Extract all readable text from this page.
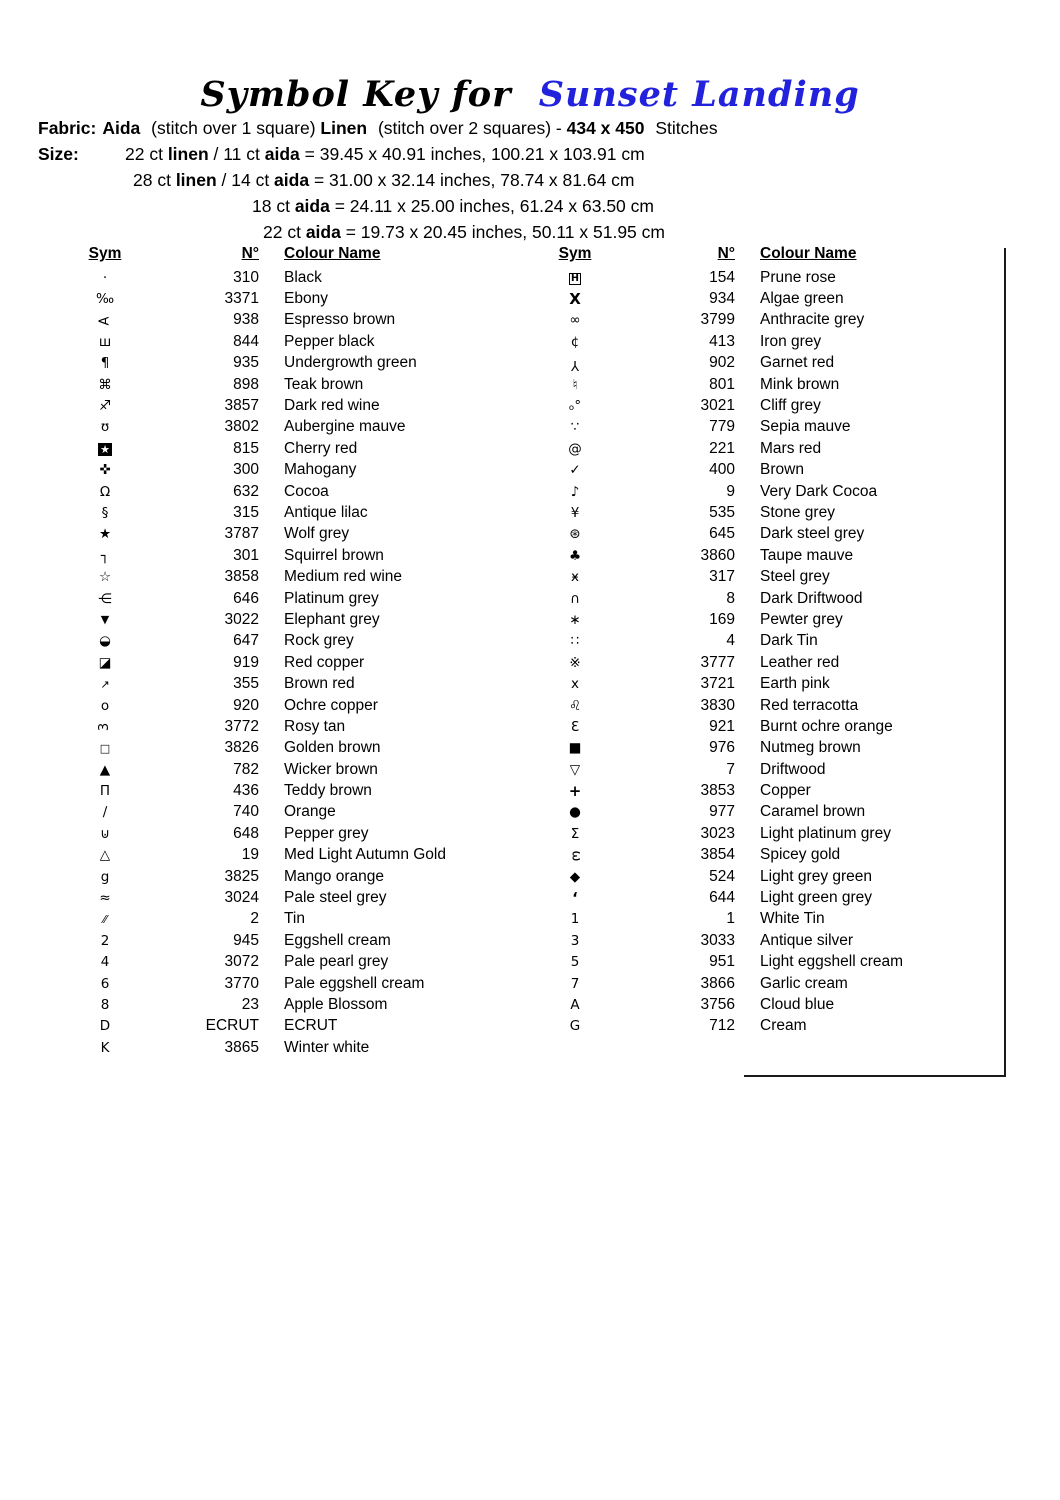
Symbol Key for Sunset Landing
Fabric: Aida (stitch over 1 square) Linen (stitch over 2 squares) - 434 x 450 Stitches
Size:	22 ct linen / 11 ct aida = 39.45 x 40.91 inches, 100.21 x 103.91 cm
28 ct linen / 14 ct aida = 31.00 x 32.14 inches, 78.74 x 81.64 cm
18 ct aida = 24.11 x 25.00 inches, 61.24 x 63.50 cm
22 ct aida = 19.73 x 20.45 inches, 50.11 x 51.95 cm
Sym	N°	Colour Name	Sym	N°	Colour Name
·	310	Black
‰	3371	Ebony
A	938	Espresso brown
ш	844	Pepper black
¶	935	Undergrowth green
⌘	898	Teak brown
♐	3857	Dark red wine
ʊ	3802	Aubergine mauve
★	815	Cherry red
✜	300	Mahogany
Ω	632	Cocoa
§	315	Antique lilac
★	3787	Wolf grey
┐	301	Squirrel brown
☆	3858	Medium red wine
⋲	646	Platinum grey
▼	3022	Elephant grey
◒	647	Rock grey
◪	919	Red copper
↗	355	Brown red
o	920	Ochre copper
3	3772	Rosy tan
□	3826	Golden brown
▲	782	Wicker brown
Π	436	Teddy brown
∕	740	Orange
⊍	648	Pepper grey
△	19	Med Light Autumn Gold
g	3825	Mango orange
≈	3024	Pale steel grey
⁄⁄	2	Tin
2	945	Eggshell cream
4	3072	Pale pearl grey
6	3770	Pale eggshell cream
8	23	Apple Blossom
D	ECRUT	ECRUT
K	3865	Winter white
H	154	Prune rose
X	934	Algae green
∞	3799	Anthracite grey
¢	413	Iron grey
Y	902	Garnet red
♮	801	Mink brown
ₒ°	3021	Cliff grey
∵	779	Sepia mauve
@	221	Mars red
✓	400	Brown
♪	9	Very Dark Cocoa
¥	535	Stone grey
⊛	645	Dark steel grey
♣	3860	Taupe mauve
ӿ	317	Steel grey
∩	8	Dark Driftwood
∗	169	Pewter grey
∷	4	Dark Tin
※	3777	Leather red
x	3721	Earth pink
♌	3830	Red terracotta
Ɛ	921	Burnt ochre orange
■	976	Nutmeg brown
▽	7	Driftwood
+	3853	Copper
●	977	Caramel brown
Σ	3023	Light platinum grey
ω	3854	Spicey gold
◆	524	Light grey green
‘	644	Light green grey
1	1	White Tin
3	3033	Antique silver
5	951	Light eggshell cream
7	3866	Garlic cream
A	3756	Cloud blue
G	712	Cream
